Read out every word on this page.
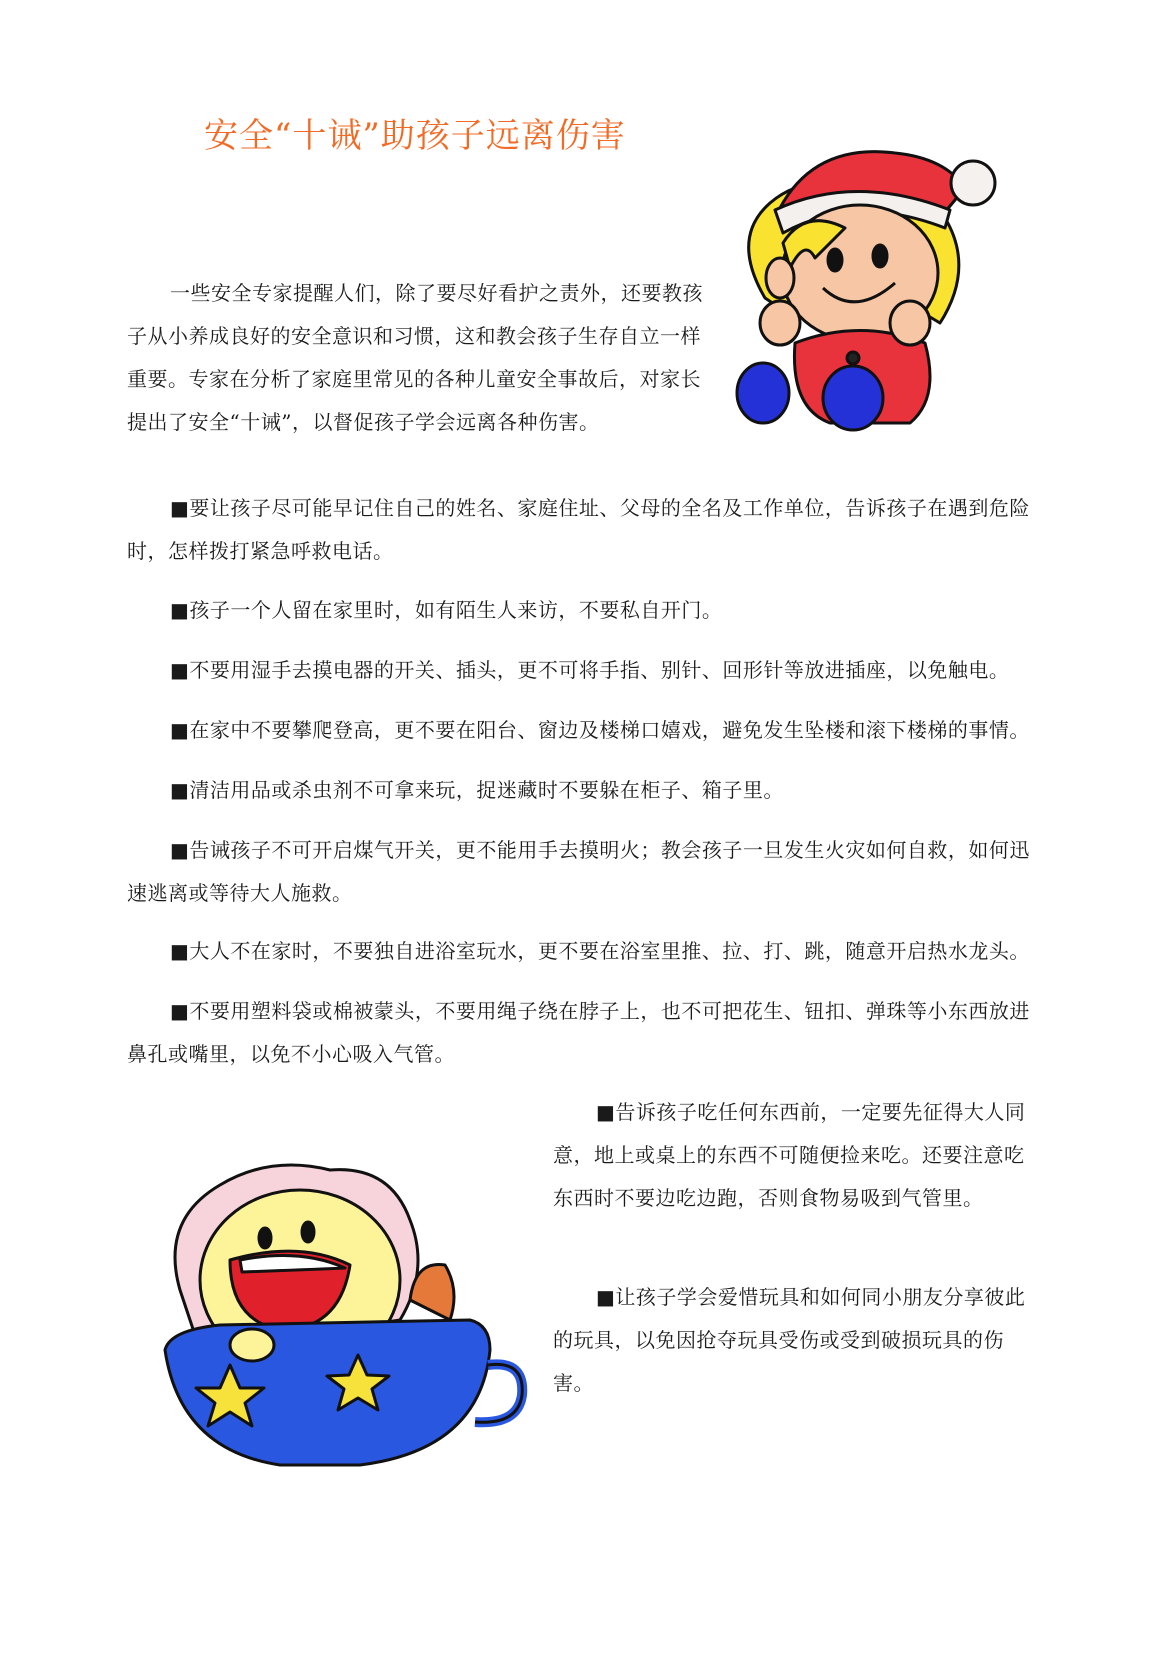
安全“十诫”助孩子远离伤害

一些安全专家提醒人们，除了要尽好看护之责外，还要教孩子从小养成良好的安全意识和习惯，这和教会孩子生存自立一样重要。专家在分析了家庭里常见的各种儿童安全事故后，对家长提出了安全“十诫”，以督促孩子学会远离各种伤害。

■要让孩子尽可能早记住自己的姓名、家庭住址、父母的全名及工作单位，告诉孩子在遇到危险时，怎样拨打紧急呼救电话。

■孩子一个人留在家里时，如有陌生人来访，不要私自开门。

■不要用湿手去摸电器的开关、插头，更不可将手指、别针、回形针等放进插座，以免触电。

■在家中不要攀爬登高，更不要在阳台、窗边及楼梯口嬉戏，避免发生坠楼和滚下楼梯的事情。

■清洁用品或杀虫剂不可拿来玩，捉迷藏时不要躲在柜子、箱子里。

■告诫孩子不可开启煤气开关，更不能用手去摸明火；教会孩子一旦发生火灾如何自救，如何迅速逃离或等待大人施救。

■大人不在家时，不要独自进浴室玩水，更不要在浴室里推、拉、打、跳，随意开启热水龙头。

■不要用塑料袋或棉被蒙头，不要用绳子绕在脖子上，也不可把花生、钮扣、弹珠等小东西放进鼻孔或嘴里，以免不小心吸入气管。

■告诉孩子吃任何东西前，一定要先征得大人同意，地上或桌上的东西不可随便捡来吃。还要注意吃东西时不要边吃边跑，否则食物易吸到气管里。

■让孩子学会爱惜玩具和如何同小朋友分享彼此的玩具，以免因抢夺玩具受伤或受到破损玩具的伤害。
